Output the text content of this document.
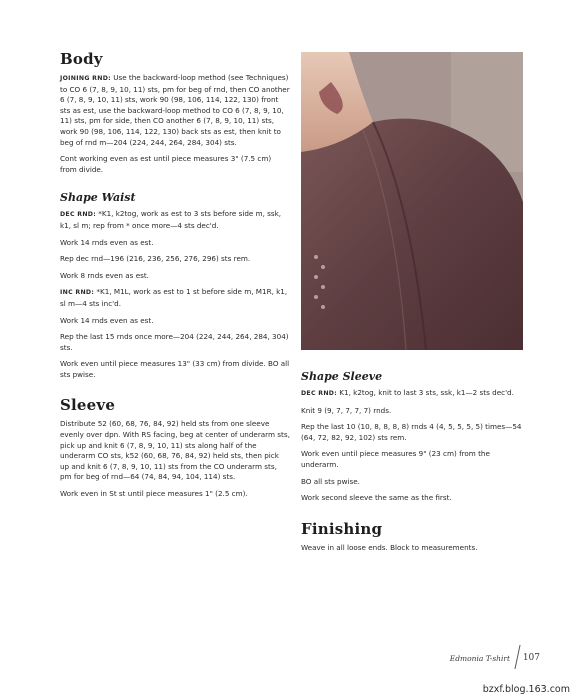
Body

JOINING RND: Use the backward-loop method (see Techniques) to CO 6 (7, 8, 9, 10, 11) sts, pm for beg of rnd, then CO another 6 (7, 8, 9, 10, 11) sts, work 90 (98, 106, 114, 122, 130) front sts as est, use the backward-loop method to CO 6 (7, 8, 9, 10, 11) sts, pm for side, then CO another 6 (7, 8, 9, 10, 11) sts, work 90 (98, 106, 114, 122, 130) back sts as est, then knit to beg of rnd m—204 (224, 244, 264, 284, 304) sts.

Cont working even as est until piece measures 3" (7.5 cm) from divide.

Shape Waist

DEC RND: *K1, k2tog, work as est to 3 sts before side m, ssk, k1, sl m; rep from * once more—4 sts dec'd.

Work 14 rnds even as est.

Rep dec rnd—196 (216, 236, 256, 276, 296) sts rem.

Work 8 rnds even as est.

INC RND: *K1, M1L, work as est to 1 st before side m, M1R, k1, sl m—4 sts inc'd.

Work 14 rnds even as est.

Rep the last 15 rnds once more—204 (224, 244, 264, 284, 304) sts.

Work even until piece measures 13" (33 cm) from divide. BO all sts pwise.

Sleeve

Distribute 52 (60, 68, 76, 84, 92) held sts from one sleeve evenly over dpn. With RS facing, beg at center of underarm sts, pick up and knit 6 (7, 8, 9, 10, 11) sts along half of the underarm CO sts, k52 (60, 68, 76, 84, 92) held sts, then pick up and knit 6 (7, 8, 9, 10, 11) sts from the CO underarm sts, pm for beg of rnd—64 (74, 84, 94, 104, 114) sts.

Work even in St st until piece measures 1" (2.5 cm).

Shape Sleeve

DEC RND: K1, k2tog, knit to last 3 sts, ssk, k1—2 sts dec'd.

Knit 9 (9, 7, 7, 7, 7) rnds.

Rep the last 10 (10, 8, 8, 8, 8) rnds 4 (4, 5, 5, 5, 5) times—54 (64, 72, 82, 92, 102) sts rem.

Work even until piece measures 9" (23 cm) from the underarm.

BO all sts pwise.

Work second sleeve the same as the first.

Finishing

Weave in all loose ends. Block to measurements.

Edmonia T-shirt 107
bzxf.blog.163.com
